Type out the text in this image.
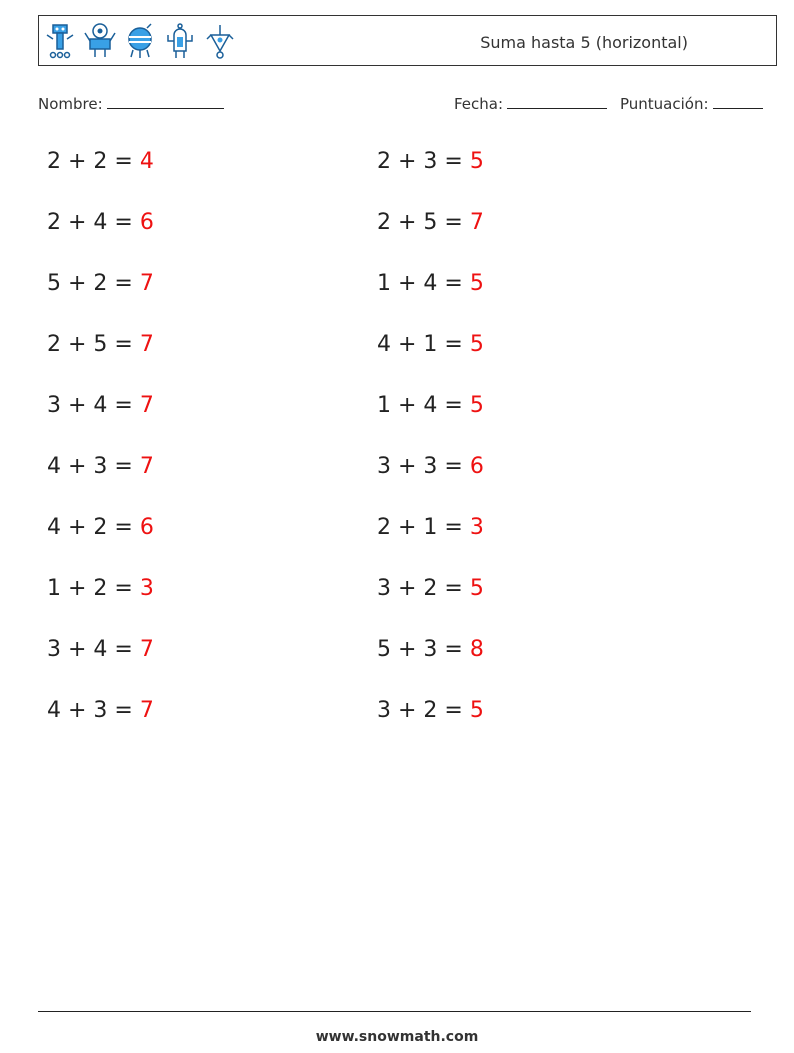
Suma hasta 5 (horizontal)
Nombre:	Fecha:	Puntuación:
2 + 2 = 4
2 + 4 = 6
5 + 2 = 7
2 + 5 = 7
3 + 4 = 7
4 + 3 = 7
4 + 2 = 6
1 + 2 = 3
3 + 4 = 7
4 + 3 = 7
2 + 3 = 5
2 + 5 = 7
1 + 4 = 5
4 + 1 = 5
1 + 4 = 5
3 + 3 = 6
2 + 1 = 3
3 + 2 = 5
5 + 3 = 8
3 + 2 = 5
www.snowmath.com
